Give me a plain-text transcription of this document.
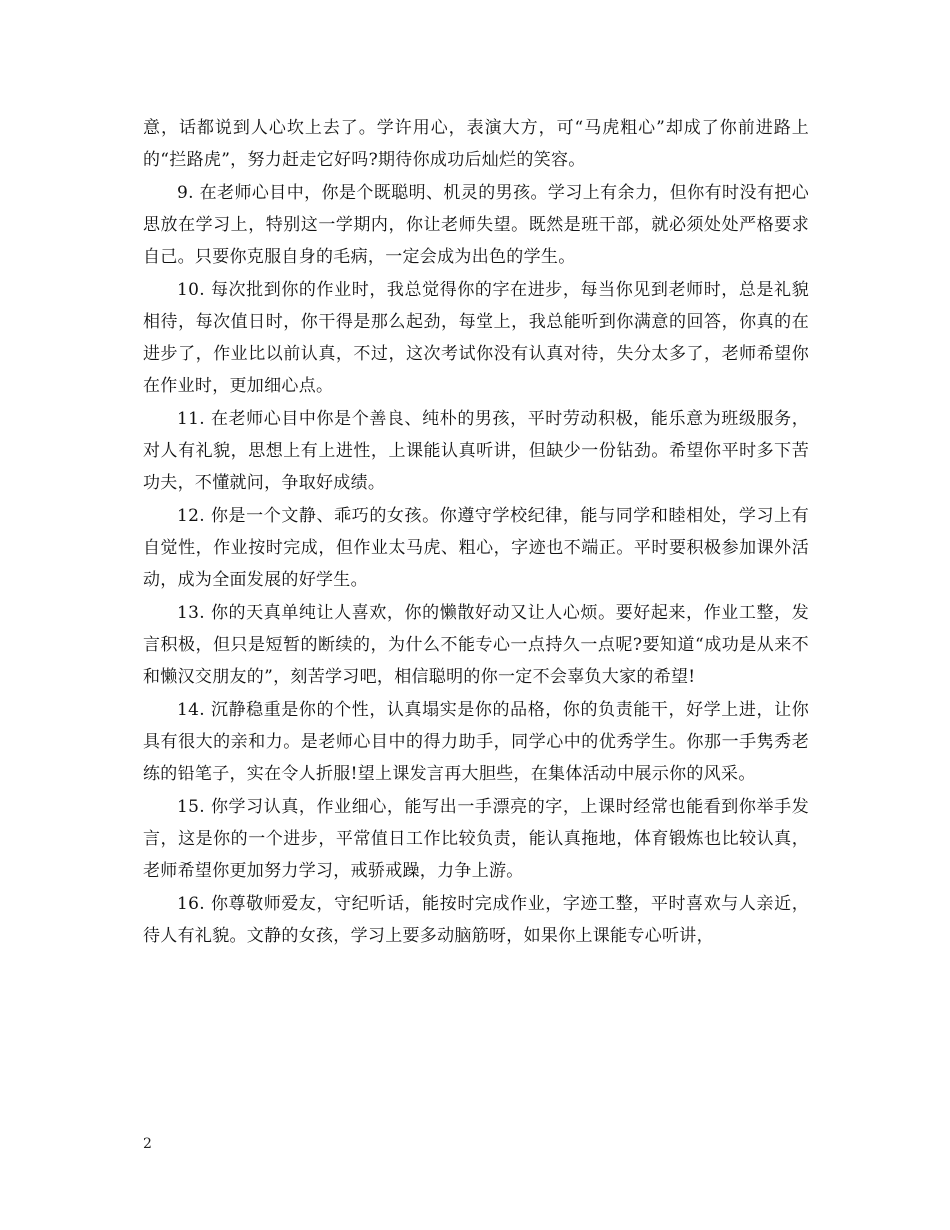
意，话都说到人心坎上去了。学许用心，表演大方，可“马虎粗心”却成了你前进路上的“拦路虎”，努力赶走它好吗?期待你成功后灿烂的笑容。

9. 在老师心目中，你是个既聪明、机灵的男孩。学习上有余力，但你有时没有把心思放在学习上，特别这一学期内，你让老师失望。既然是班干部，就必须处处严格要求自己。只要你克服自身的毛病，一定会成为出色的学生。

10. 每次批到你的作业时，我总觉得你的字在进步，每当你见到老师时，总是礼貌相待，每次值日时，你干得是那么起劲，每堂上，我总能听到你满意的回答，你真的在进步了，作业比以前认真，不过，这次考试你没有认真对待，失分太多了，老师希望你在作业时，更加细心点。

11. 在老师心目中你是个善良、纯朴的男孩，平时劳动积极，能乐意为班级服务，对人有礼貌，思想上有上进性，上课能认真听讲，但缺少一份钻劲。希望你平时多下苦功夫，不懂就问，争取好成绩。

12. 你是一个文静、乖巧的女孩。你遵守学校纪律，能与同学和睦相处，学习上有自觉性，作业按时完成，但作业太马虎、粗心，字迹也不端正。平时要积极参加课外活动，成为全面发展的好学生。

13. 你的天真单纯让人喜欢，你的懒散好动又让人心烦。要好起来，作业工整，发言积极，但只是短暂的断续的，为什么不能专心一点持久一点呢?要知道“成功是从来不和懒汉交朋友的”，刻苦学习吧，相信聪明的你一定不会辜负大家的希望!

14. 沉静稳重是你的个性，认真塌实是你的品格，你的负责能干，好学上进，让你具有很大的亲和力。是老师心目中的得力助手，同学心中的优秀学生。你那一手隽秀老练的铅笔子，实在令人折服!望上课发言再大胆些，在集体活动中展示你的风采。

15. 你学习认真，作业细心，能写出一手漂亮的字，上课时经常也能看到你举手发言，这是你的一个进步，平常值日工作比较负责，能认真拖地，体育锻炼也比较认真，老师希望你更加努力学习，戒骄戒躁，力争上游。

16. 你尊敬师爱友，守纪听话，能按时完成作业，字迹工整，平时喜欢与人亲近，待人有礼貌。文静的女孩，学习上要多动脑筋呀，如果你上课能专心听讲，

2
